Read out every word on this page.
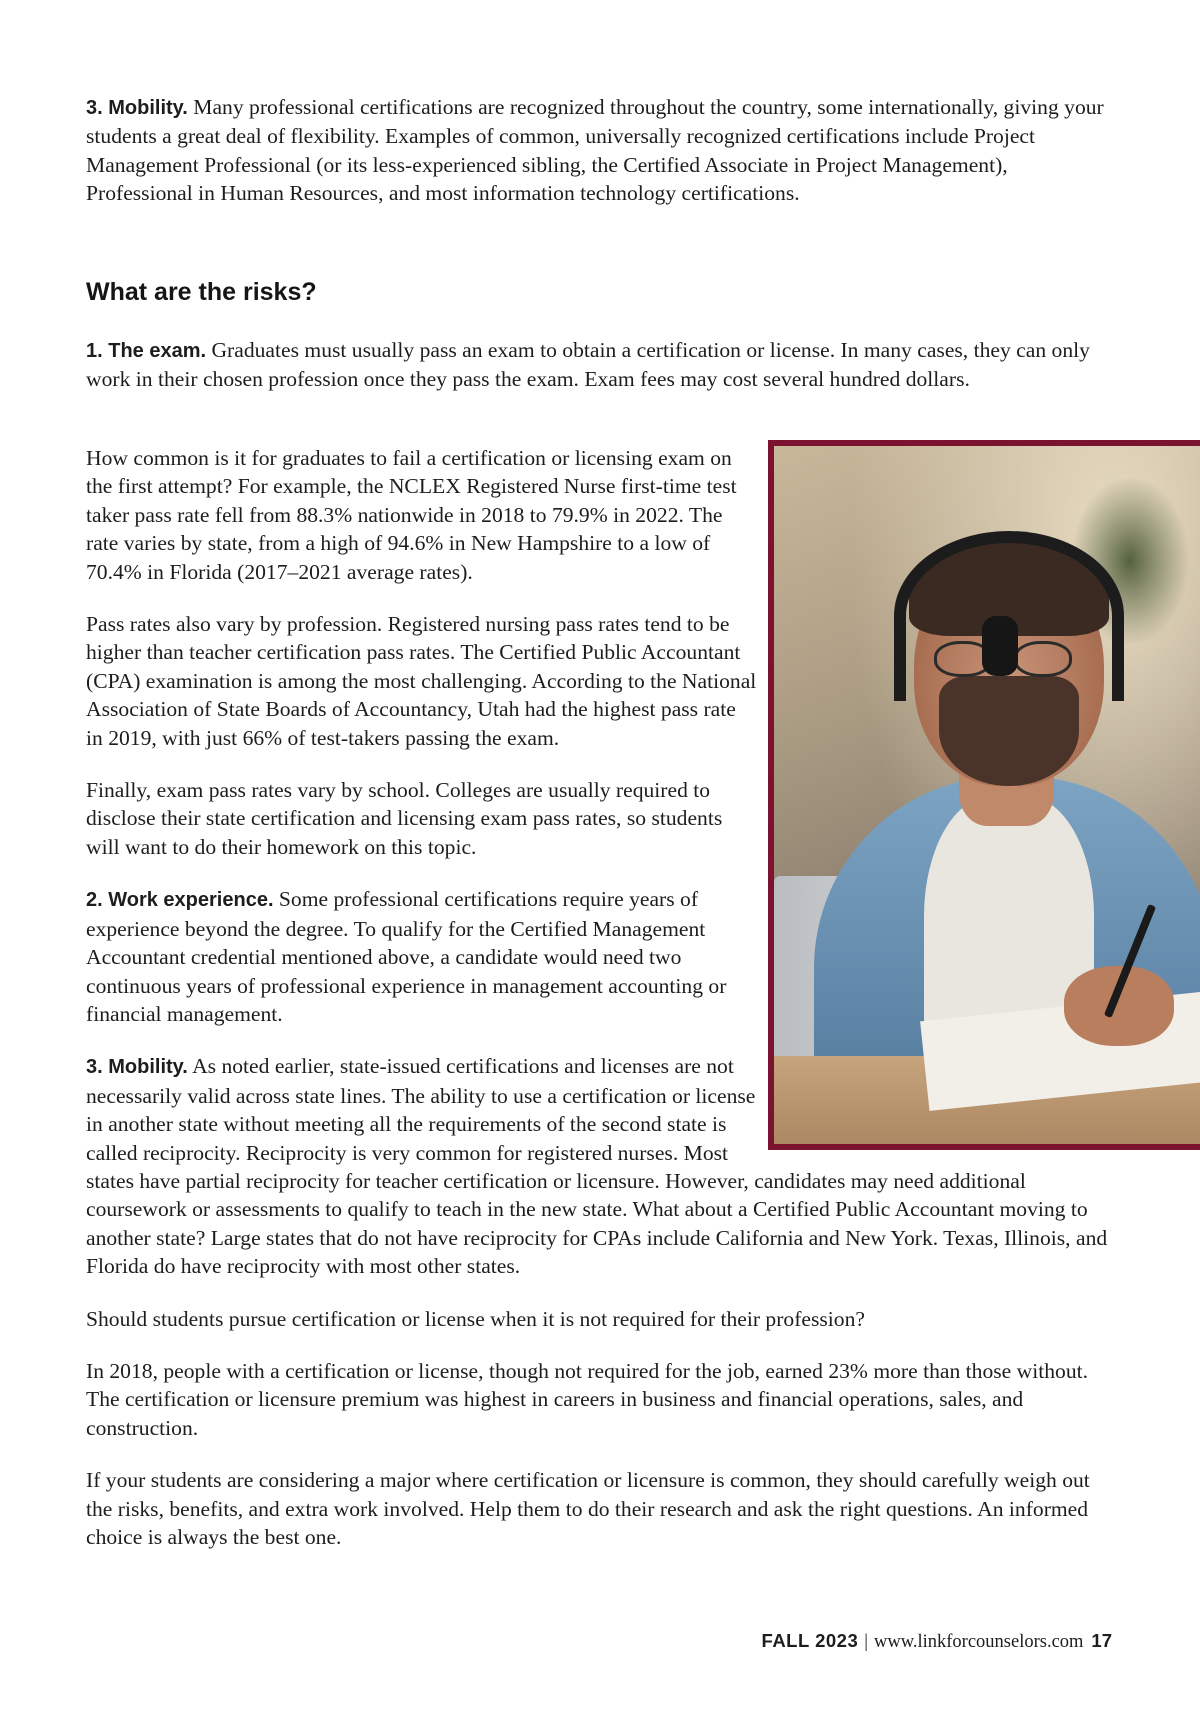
3. Mobility. Many professional certifications are recognized throughout the country, some internationally, giving your students a great deal of flexibility. Examples of common, universally recognized certifications include Project Management Professional (or its less-experienced sibling, the Certified Associate in Project Management), Professional in Human Resources, and most information technology certifications.

What are the risks?

1. The exam. Graduates must usually pass an exam to obtain a certification or license. In many cases, they can only work in their chosen profession once they pass the exam. Exam fees may cost several hundred dollars.

How common is it for graduates to fail a certification or licensing exam on the first attempt? For example, the NCLEX Registered Nurse first-time test taker pass rate fell from 88.3% nationwide in 2018 to 79.9% in 2022. The rate varies by state, from a high of 94.6% in New Hampshire to a low of 70.4% in Florida (2017–2021 average rates).

Pass rates also vary by profession. Registered nursing pass rates tend to be higher than teacher certification pass rates. The Certified Public Accountant (CPA) examination is among the most challenging. According to the National Association of State Boards of Accountancy, Utah had the highest pass rate in 2019, with just 66% of test-takers passing the exam.

Finally, exam pass rates vary by school. Colleges are usually required to disclose their state certification and licensing exam pass rates, so students will want to do their homework on this topic.

2. Work experience. Some professional certifications require years of experience beyond the degree. To qualify for the Certified Management Accountant credential mentioned above, a candidate would need two continuous years of professional experience in management accounting or financial management.

3. Mobility. As noted earlier, state-issued certifications and licenses are not necessarily valid across state lines. The ability to use a certification or license in another state without meeting all the requirements of the second state is called reciprocity. Reciprocity is very common for registered nurses. Most states have partial reciprocity for teacher certification or licensure. However, candidates may need additional coursework or assessments to qualify to teach in the new state. What about a Certified Public Accountant moving to another state? Large states that do not have reciprocity for CPAs include California and New York. Texas, Illinois, and Florida do have reciprocity with most other states.

Should students pursue certification or license when it is not required for their profession?

In 2018, people with a certification or license, though not required for the job, earned 23% more than those without. The certification or licensure premium was highest in careers in business and financial operations, sales, and construction.

If your students are considering a major where certification or licensure is common, they should carefully weigh out the risks, benefits, and extra work involved. Help them to do their research and ask the right questions. An informed choice is always the best one.

FALL 2023 | www.linkforcounselors.com 17
